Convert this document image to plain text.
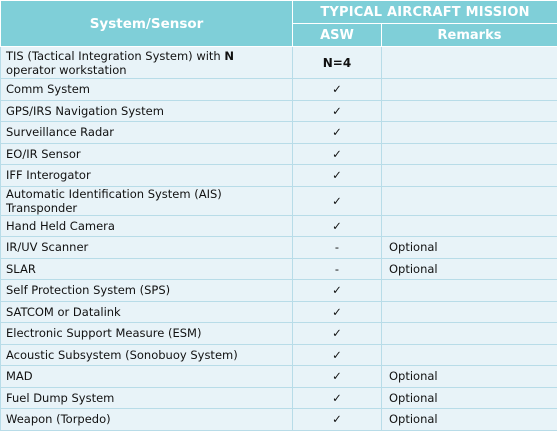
System/Sensor	TYPICAL AIRCRAFT MISSION	
	ASW	Remarks
TIS (Tactical Integration System) with N operator workstation	N=4	
Comm System	✓	
GPS/IRS Navigation System	✓	
Surveillance Radar	✓	
EO/IR Sensor	✓	
IFF Interogator	✓	
Automatic Identification System (AIS) Transponder	✓	
Hand Held Camera	✓	
IR/UV Scanner	-	Optional
SLAR	-	Optional
Self Protection System (SPS)	✓	
SATCOM or Datalink	✓	
Electronic Support Measure (ESM)	✓	
Acoustic Subsystem (Sonobuoy System)	✓	
MAD	✓	Optional
Fuel Dump System	✓	Optional
Weapon (Torpedo)	✓	Optional
